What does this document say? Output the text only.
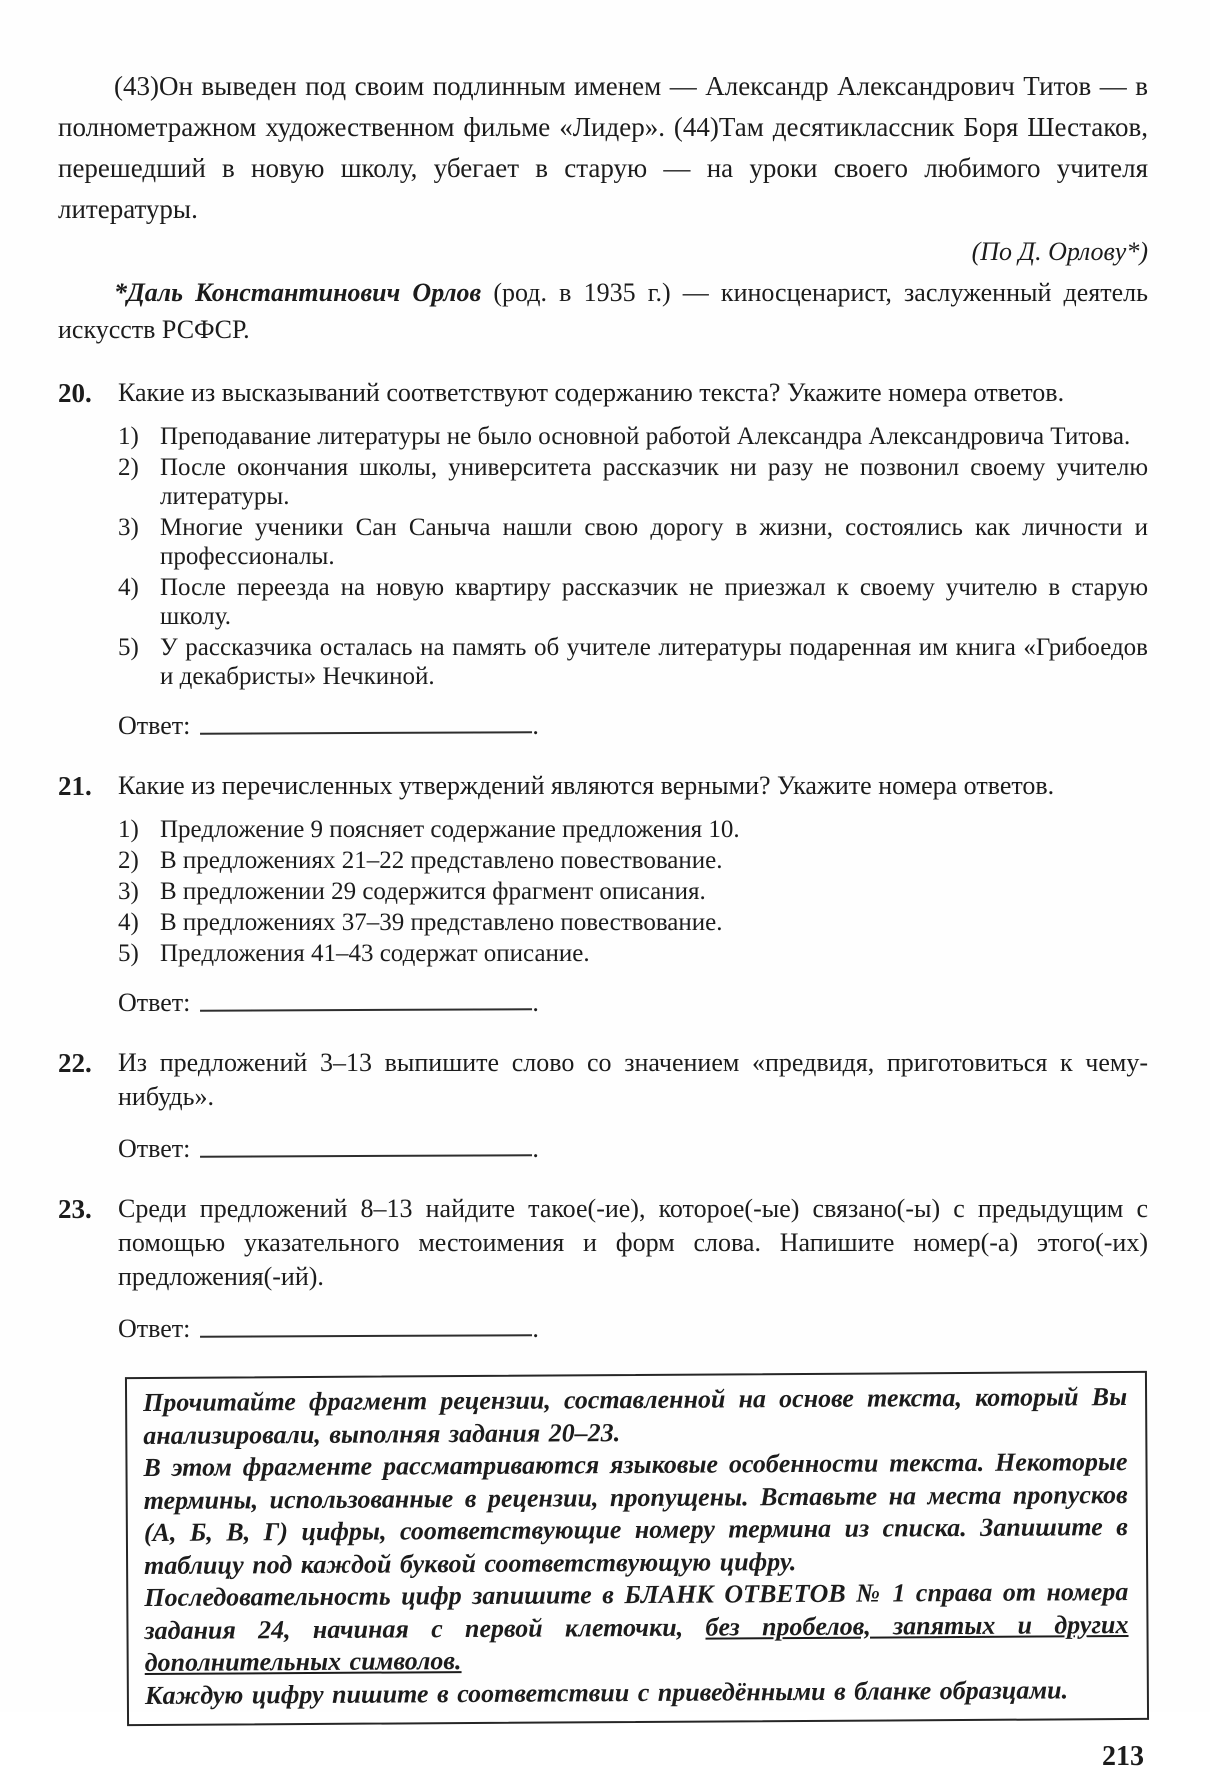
(43)Он выведен под своим подлинным именем — Александр Александрович Титов — в полнометражном художественном фильме «Лидер». (44)Там десятиклассник Боря Шестаков, перешедший в новую школу, убегает в старую — на уроки своего любимого учителя литературы.

(По Д. Орлову*)

*Даль Константинович Орлов (род. в 1935 г.) — киносценарист, заслуженный деятель искусств РСФСР.

20.	Какие из высказываний соответствуют содержанию текста? Укажите номера ответов.

1) Преподавание литературы не было основной работой Александра Александровича Титова.
2) После окончания школы, университета рассказчик ни разу не позвонил своему учителю литературы.
3) Многие ученики Сан Саныча нашли свою дорогу в жизни, состоялись как личности и профессионалы.
4) После переезда на новую квартиру рассказчик не приезжал к своему учителю в старую школу.
5) У рассказчика осталась на память об учителе литературы подаренная им книга «Грибоедов и декабристы» Нечкиной.
Ответ:	.
21.	Какие из перечисленных утверждений являются верными? Укажите номера ответов.

1) Предложение 9 поясняет содержание предложения 10.
2) В предложениях 21–22 представлено повествование.
3) В предложении 29 содержится фрагмент описания.
4) В предложениях 37–39 представлено повествование.
5) Предложения 41–43 содержат описание.
Ответ:	.
22.	Из предложений 3–13 выпишите слово со значением «предвидя, приготовиться к чему-нибудь».

Ответ:	.
23.	Среди предложений 8–13 найдите такое(-ие), которое(-ые) связано(-ы) с предыдущим с помощью указательного местоимения и форм слова. Напишите номер(-а) этого(-их) предложения(-ий).

Ответ:	.

Прочитайте фрагмент рецензии, составленной на основе текста, который Вы анализировали, выполняя задания 20–23.

В этом фрагменте рассматриваются языковые особенности текста. Некоторые термины, использованные в рецензии, пропущены. Вставьте на места пропусков (А, Б, В, Г) цифры, соответствующие номеру термина из списка. Запишите в таблицу под каждой буквой соответствующую цифру.

Последовательность цифр запишите в БЛАНК ОТВЕТОВ № 1 справа от номера задания 24, начиная с первой клеточки, без пробелов, запятых и других дополнительных символов.

Каждую цифру пишите в соответствии с приведёнными в бланке образцами.

213
